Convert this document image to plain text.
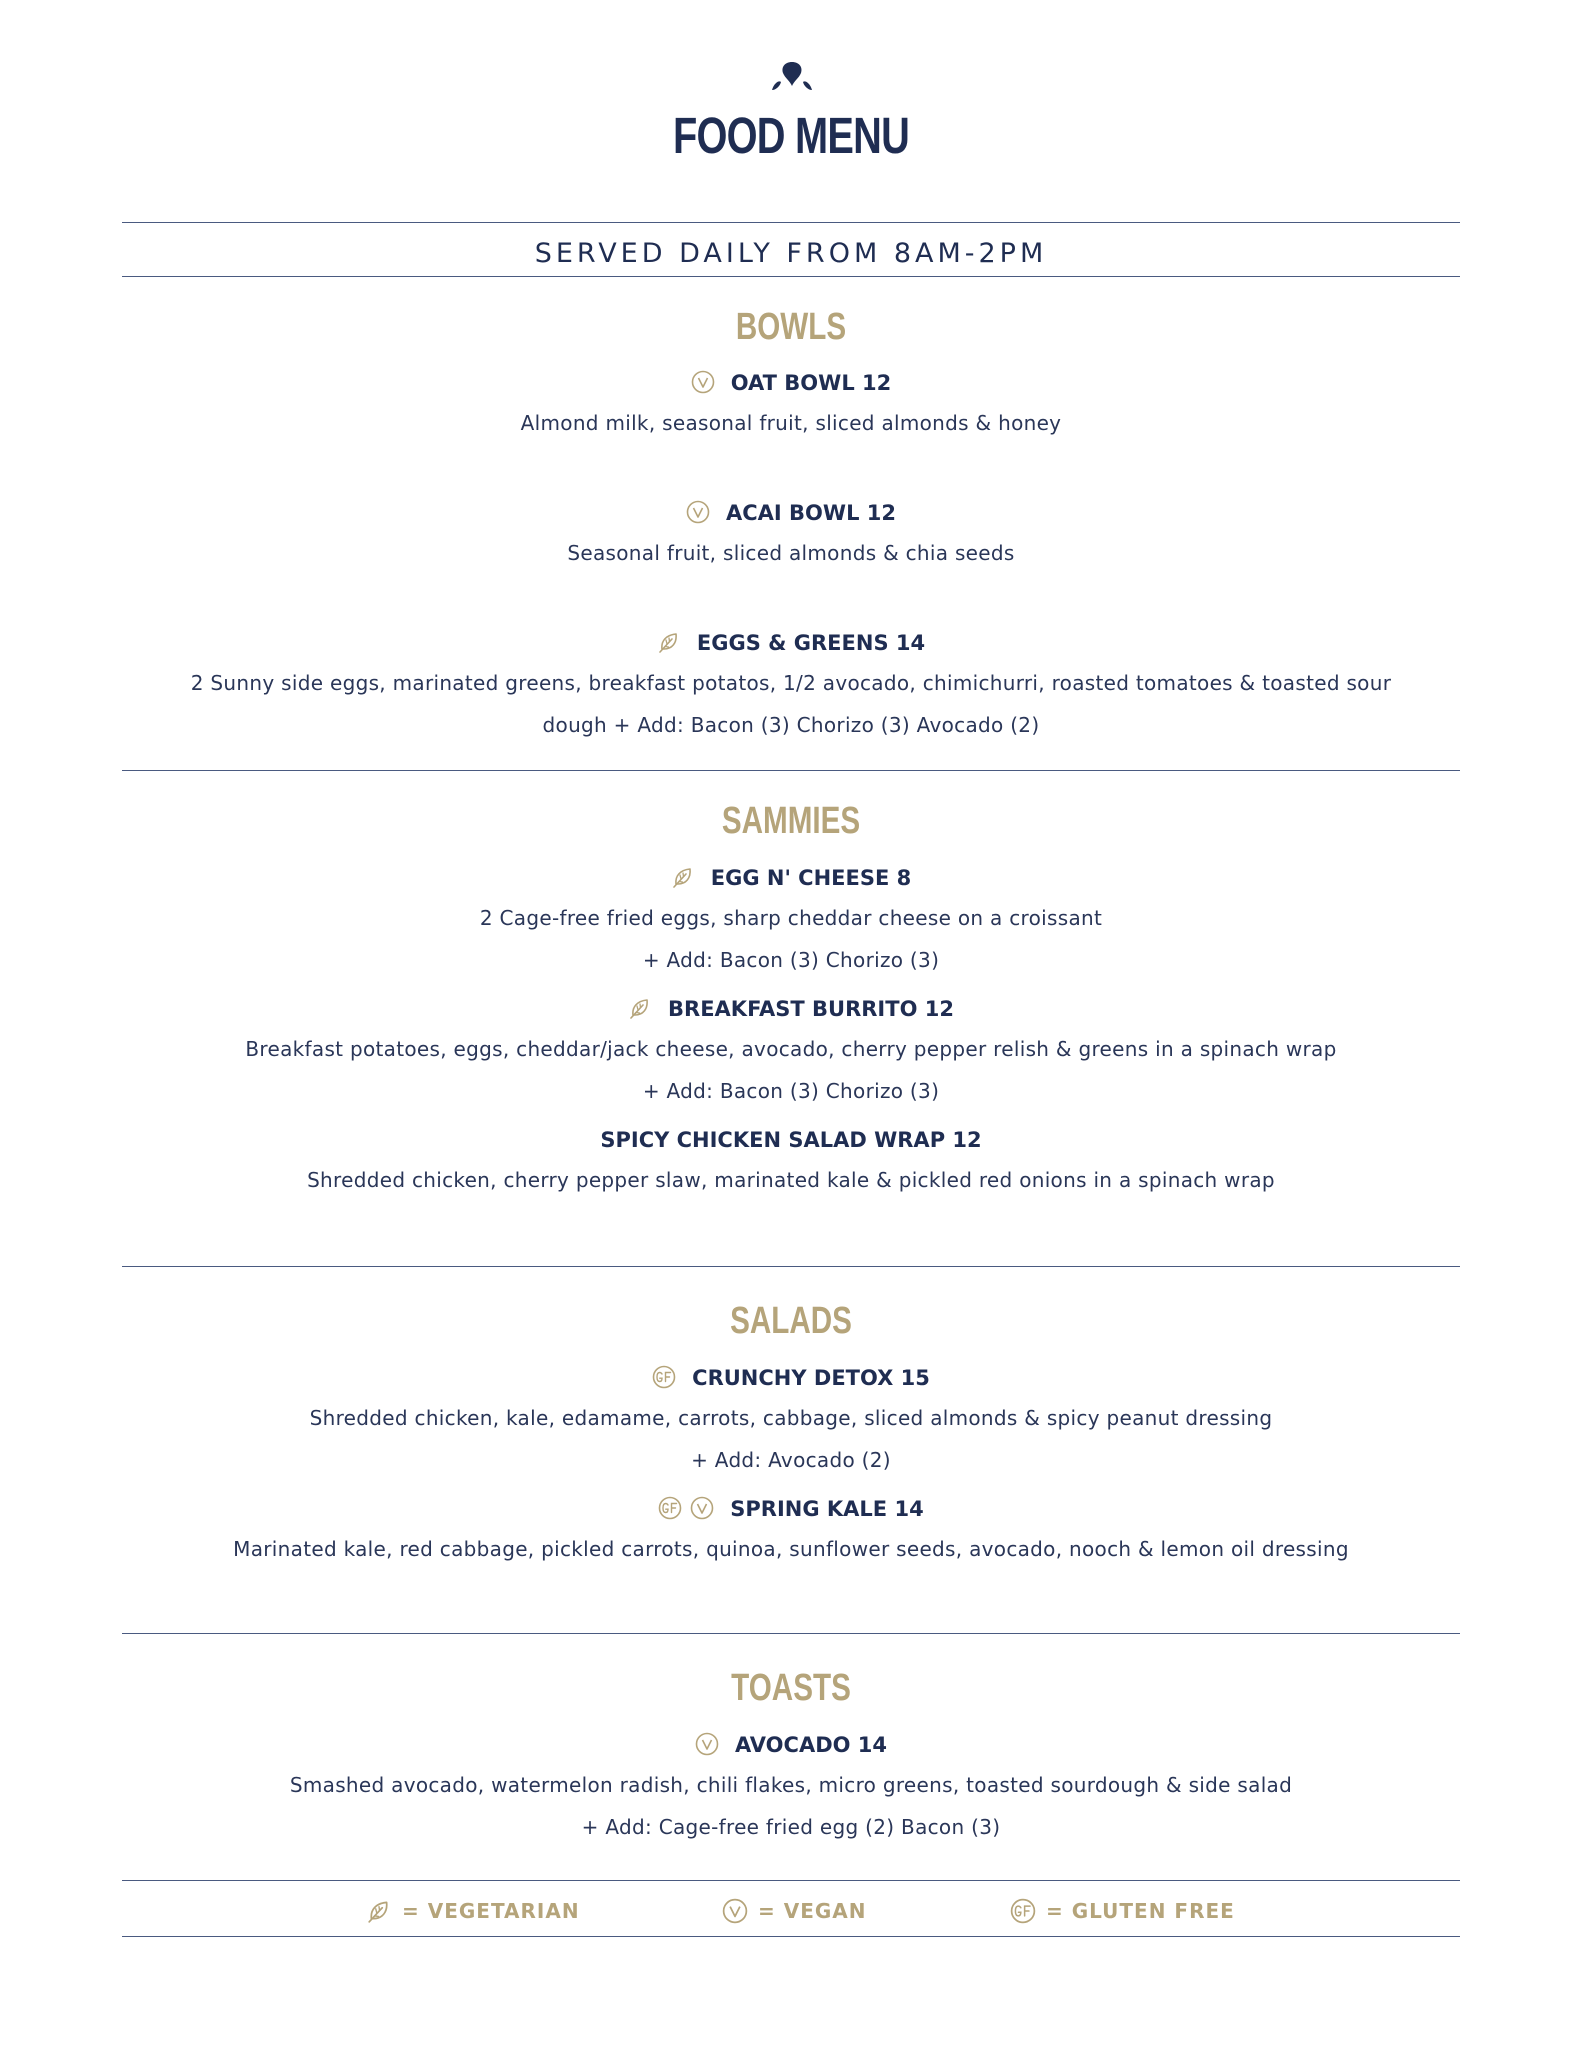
FOOD MENU
SERVED DAILY FROM 8AM-2PM
BOWLS
OAT BOWL 12
Almond milk, seasonal fruit, sliced almonds & honey
ACAI BOWL 12
Seasonal fruit, sliced almonds & chia seeds
EGGS & GREENS 14
2 Sunny side eggs, marinated greens, breakfast potatos, 1/2 avocado, chimichurri, roasted tomatoes & toasted sour
dough + Add: Bacon (3) Chorizo (3) Avocado (2)
SAMMIES
EGG N' CHEESE 8
2 Cage-free fried eggs, sharp cheddar cheese on a croissant
+ Add: Bacon (3) Chorizo (3)
BREAKFAST BURRITO 12
Breakfast potatoes, eggs, cheddar/jack cheese, avocado, cherry pepper relish & greens in a spinach wrap
+ Add: Bacon (3) Chorizo (3)
SPICY CHICKEN SALAD WRAP 12
Shredded chicken, cherry pepper slaw, marinated kale & pickled red onions in a spinach wrap
SALADS
CRUNCHY DETOX 15
Shredded chicken, kale, edamame, carrots, cabbage, sliced almonds & spicy peanut dressing
+ Add: Avocado (2)
SPRING KALE 14
Marinated kale, red cabbage, pickled carrots, quinoa, sunflower seeds, avocado, nooch & lemon oil dressing
TOASTS
AVOCADO 14
Smashed avocado, watermelon radish, chili flakes, micro greens, toasted sourdough & side salad
+ Add: Cage-free fried egg (2) Bacon (3)
= VEGETARIAN	= VEGAN	= GLUTEN FREE
